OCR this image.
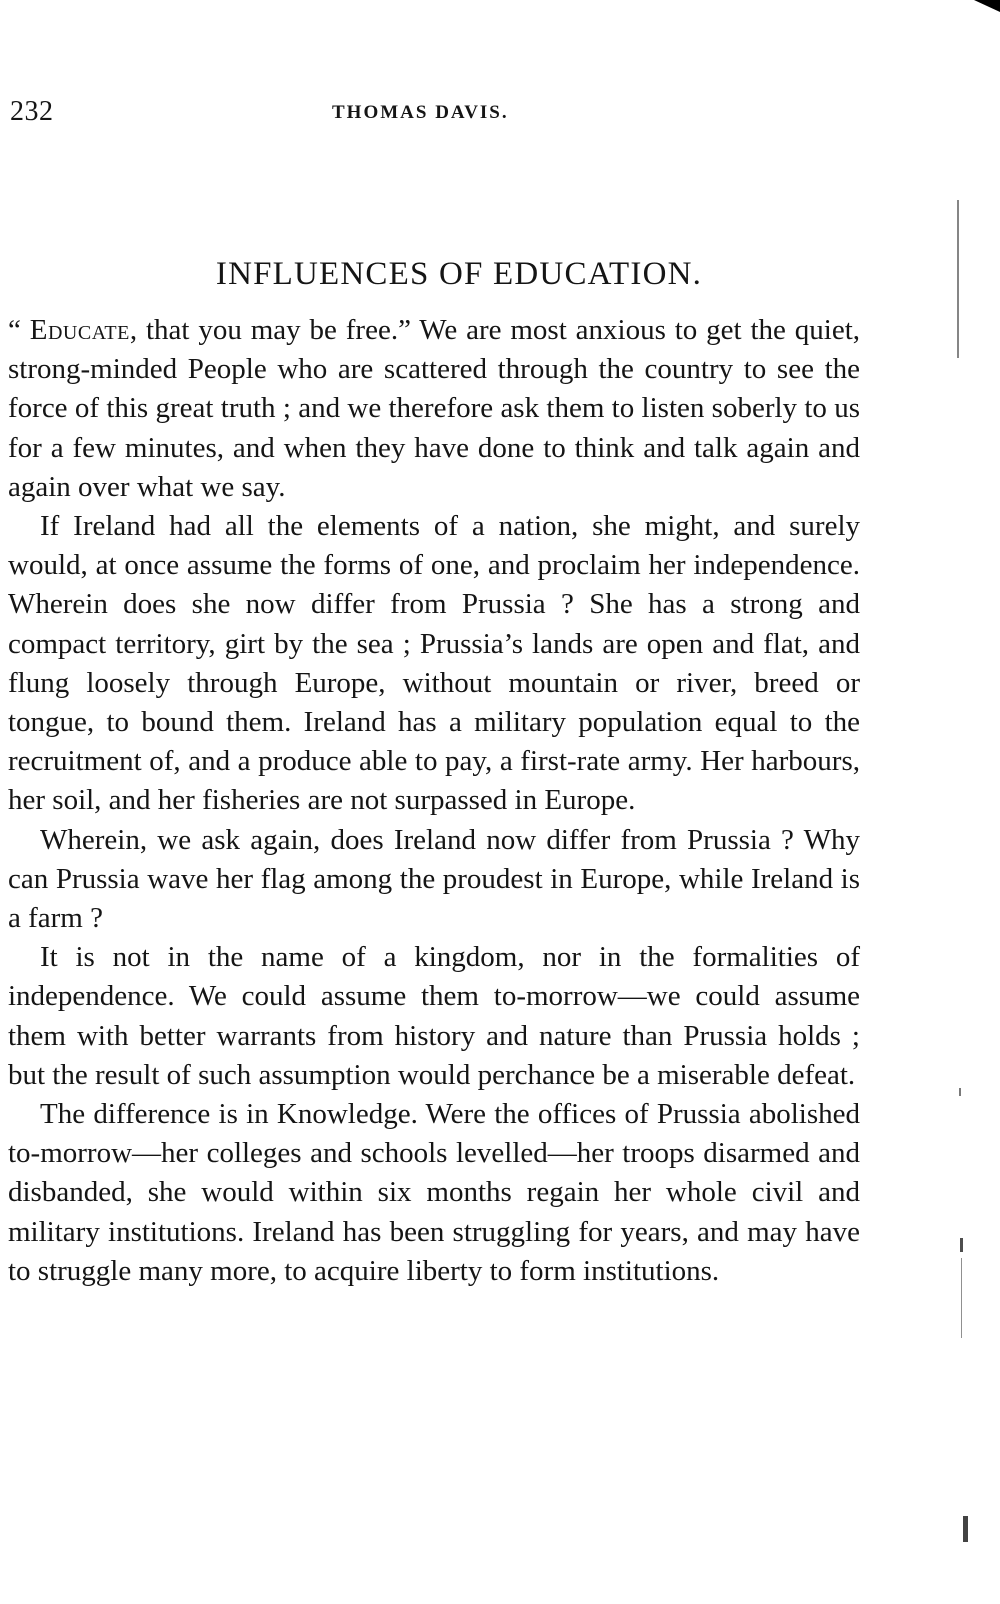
232	THOMAS DAVIS.
INFLUENCES OF EDUCATION.

“ Educate, that you may be free.” We are most anxious to get the quiet, strong-minded People who are scattered through the country to see the force of this great truth ; and we therefore ask them to listen soberly to us for a few minutes, and when they have done to think and talk again and again over what we say.

If Ireland had all the elements of a nation, she might, and surely would, at once assume the forms of one, and proclaim her independence. Wherein does she now differ from Prussia ? She has a strong and compact territory, girt by the sea ; Prussia’s lands are open and flat, and flung loosely through Europe, without mountain or river, breed or tongue, to bound them. Ireland has a military population equal to the recruitment of, and a produce able to pay, a first-rate army. Her harbours, her soil, and her fisheries are not surpassed in Europe.

Wherein, we ask again, does Ireland now differ from Prussia ? Why can Prussia wave her flag among the proudest in Europe, while Ireland is a farm ?

It is not in the name of a kingdom, nor in the formalities of independence. We could assume them to-morrow—we could assume them with better warrants from history and nature than Prussia holds ; but the result of such assumption would perchance be a miserable defeat.

The difference is in Knowledge. Were the offices of Prussia abolished to-morrow—her colleges and schools levelled—her troops disarmed and disbanded, she would within six months regain her whole civil and military institutions. Ireland has been struggling for years, and may have to struggle many more, to acquire liberty to form institutions.
